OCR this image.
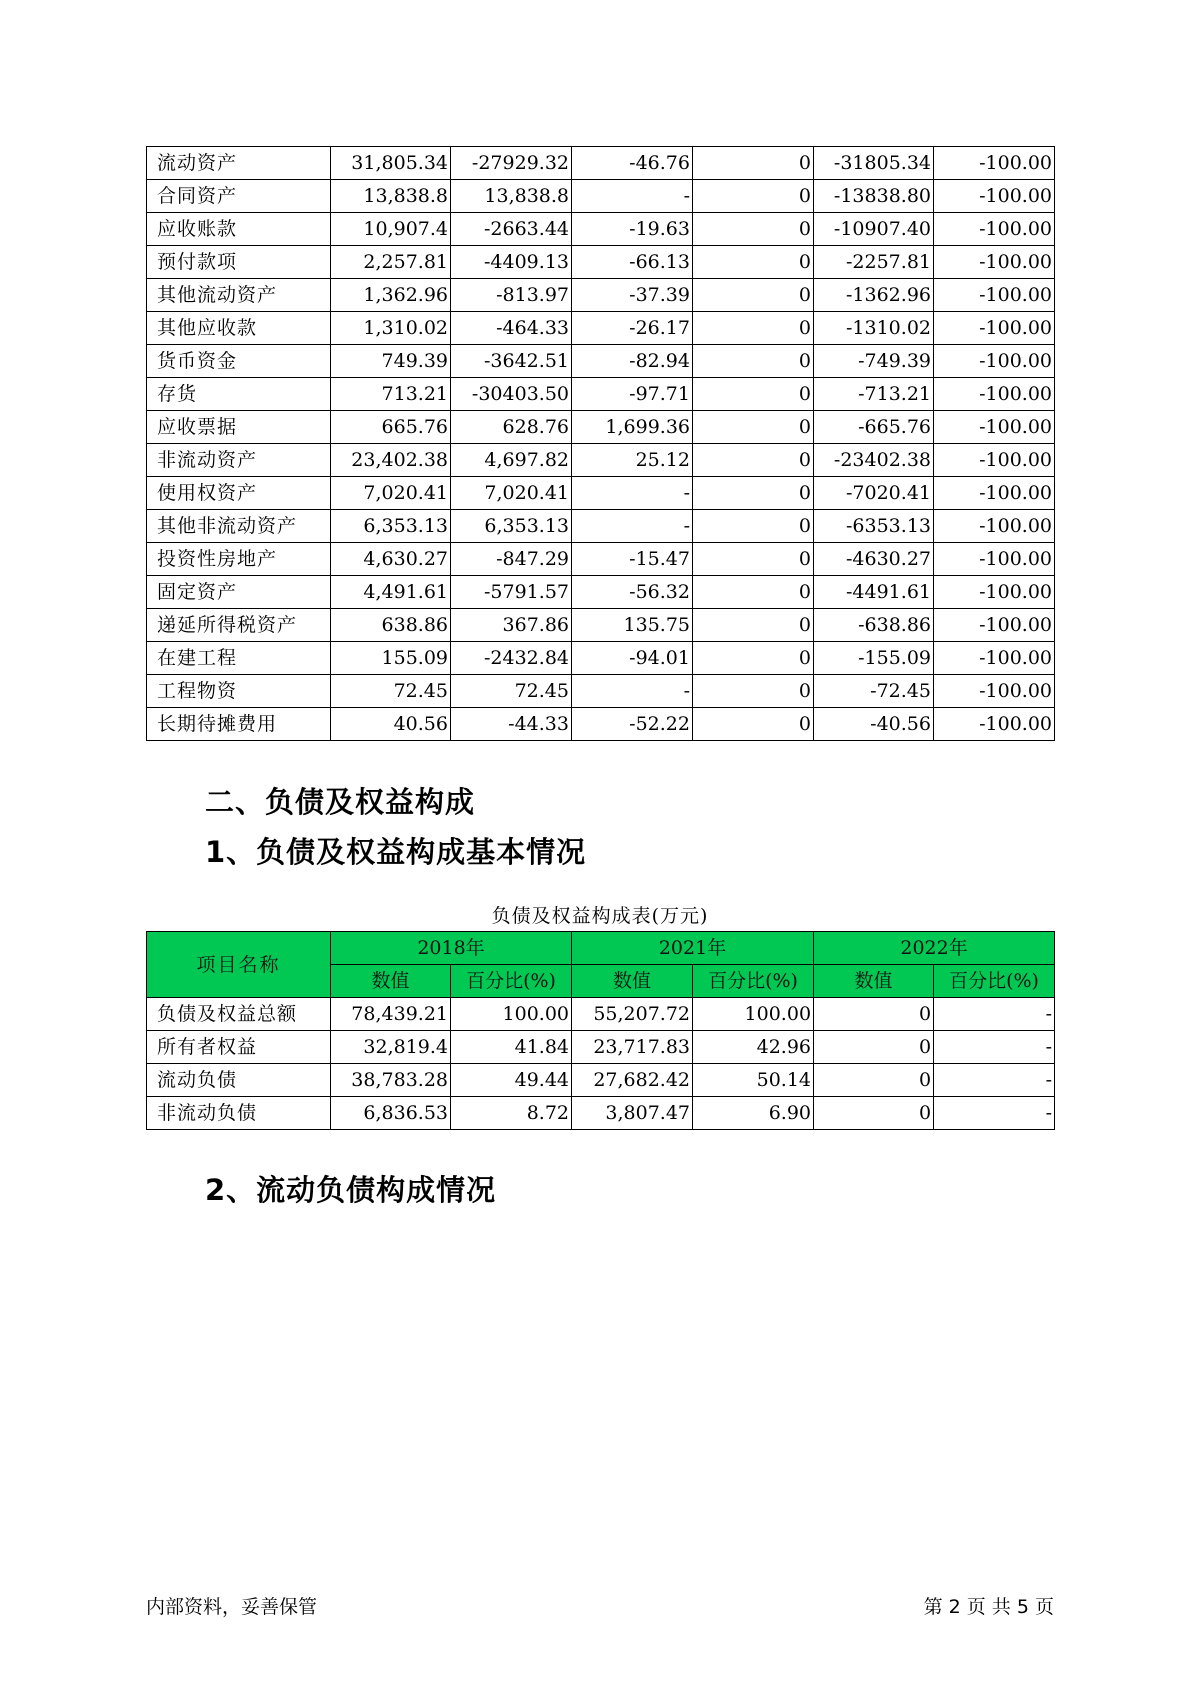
流动资产	31,805.34	-27929.32	-46.76	0	-31805.34	-100.00
合同资产	13,838.8	13,838.8	-	0	-13838.80	-100.00
应收账款	10,907.4	-2663.44	-19.63	0	-10907.40	-100.00
预付款项	2,257.81	-4409.13	-66.13	0	-2257.81	-100.00
其他流动资产	1,362.96	-813.97	-37.39	0	-1362.96	-100.00
其他应收款	1,310.02	-464.33	-26.17	0	-1310.02	-100.00
货币资金	749.39	-3642.51	-82.94	0	-749.39	-100.00
存货	713.21	-30403.50	-97.71	0	-713.21	-100.00
应收票据	665.76	628.76	1,699.36	0	-665.76	-100.00
非流动资产	23,402.38	4,697.82	25.12	0	-23402.38	-100.00
使用权资产	7,020.41	7,020.41	-	0	-7020.41	-100.00
其他非流动资产	6,353.13	6,353.13	-	0	-6353.13	-100.00
投资性房地产	4,630.27	-847.29	-15.47	0	-4630.27	-100.00
固定资产	4,491.61	-5791.57	-56.32	0	-4491.61	-100.00
递延所得税资产	638.86	367.86	135.75	0	-638.86	-100.00
在建工程	155.09	-2432.84	-94.01	0	-155.09	-100.00
工程物资	72.45	72.45	-	0	-72.45	-100.00
长期待摊费用	40.56	-44.33	-52.22	0	-40.56	-100.00
二、负债及权益构成
1、负债及权益构成基本情况
负债及权益构成表(万元)
项目名称	2018年		2021年		2022年	
	数值	百分比(%)	数值	百分比(%)	数值	百分比(%)
负债及权益总额	78,439.21	100.00	55,207.72	100.00	0	-
所有者权益	32,819.4	41.84	23,717.83	42.96	0	-
流动负债	38,783.28	49.44	27,682.42	50.14	0	-
非流动负债	6,836.53	8.72	3,807.47	6.90	0	-
2、流动负债构成情况
内部资料，妥善保管	第 2 页 共 5 页
